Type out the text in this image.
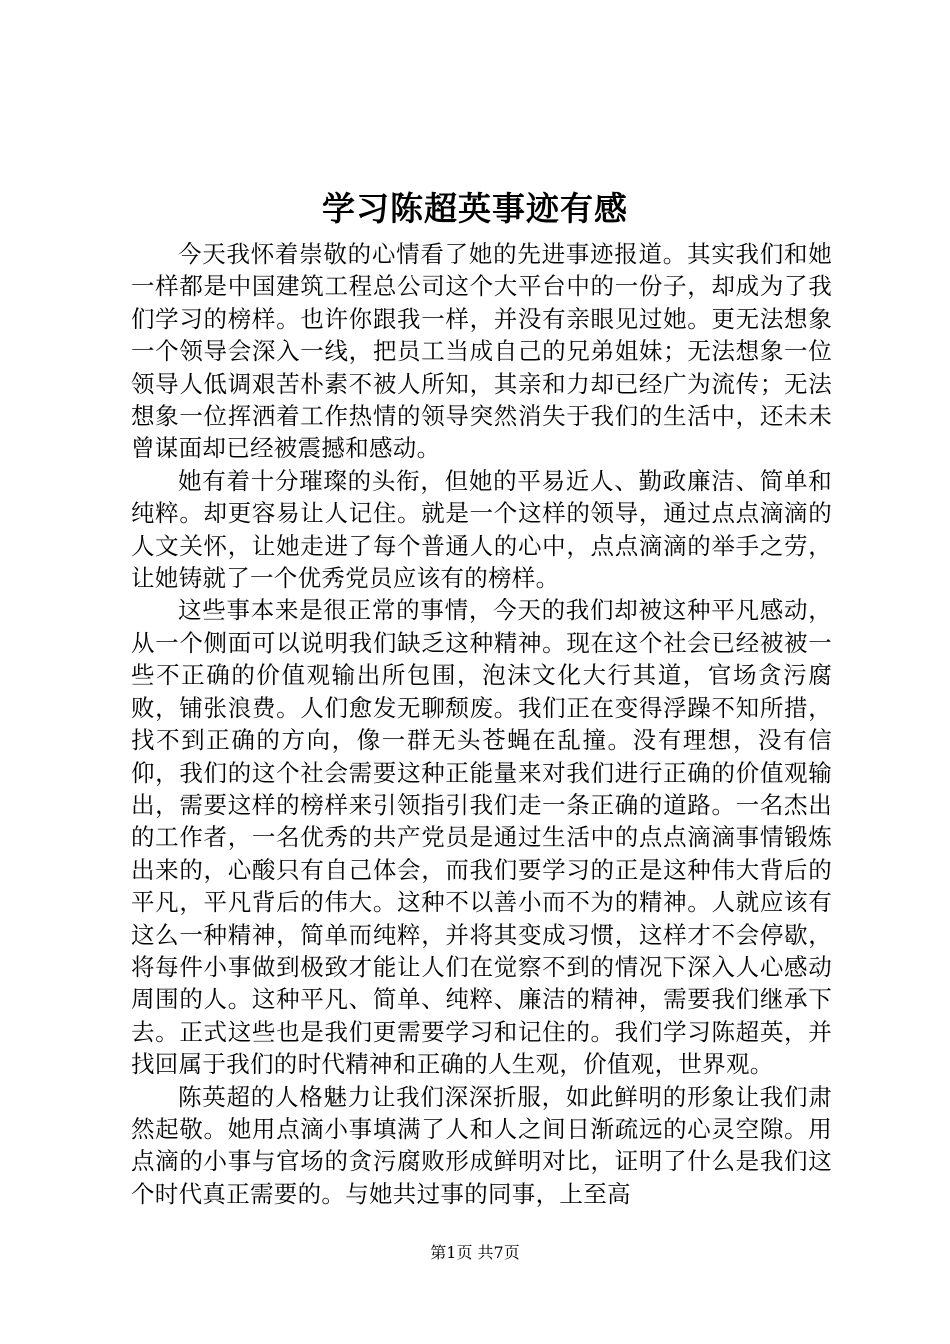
学习陈超英事迹有感

今天我怀着崇敬的心情看了她的先进事迹报道。其实我们和她一样都是中国建筑工程总公司这个大平台中的一份子，却成为了我们学习的榜样。也许你跟我一样，并没有亲眼见过她。更无法想象一个领导会深入一线，把员工当成自己的兄弟姐妹；无法想象一位领导人低调艰苦朴素不被人所知，其亲和力却已经广为流传；无法想象一位挥洒着工作热情的领导突然消失于我们的生活中，还未未曾谋面却已经被震撼和感动。

她有着十分璀璨的头衔，但她的平易近人、勤政廉洁、简单和纯粹。却更容易让人记住。就是一个这样的领导，通过点点滴滴的人文关怀，让她走进了每个普通人的心中，点点滴滴的举手之劳，让她铸就了一个优秀党员应该有的榜样。

这些事本来是很正常的事情，今天的我们却被这种平凡感动，从一个侧面可以说明我们缺乏这种精神。现在这个社会已经被被一些不正确的价值观输出所包围，泡沫文化大行其道，官场贪污腐败，铺张浪费。人们愈发无聊颓废。我们正在变得浮躁不知所措，找不到正确的方向，像一群无头苍蝇在乱撞。没有理想，没有信仰，我们的这个社会需要这种正能量来对我们进行正确的价值观输出，需要这样的榜样来引领指引我们走一条正确的道路。一名杰出的工作者，一名优秀的共产党员是通过生活中的点点滴滴事情锻炼出来的，心酸只有自己体会，而我们要学习的正是这种伟大背后的平凡，平凡背后的伟大。这种不以善小而不为的精神。人就应该有这么一种精神，简单而纯粹，并将其变成习惯，这样才不会停歇，将每件小事做到极致才能让人们在觉察不到的情况下深入人心感动周围的人。这种平凡、简单、纯粹、廉洁的精神，需要我们继承下去。正式这些也是我们更需要学习和记住的。我们学习陈超英，并找回属于我们的时代精神和正确的人生观，价值观，世界观。

陈英超的人格魅力让我们深深折服，如此鲜明的形象让我们肃然起敬。她用点滴小事填满了人和人之间日渐疏远的心灵空隙。用点滴的小事与官场的贪污腐败形成鲜明对比，证明了什么是我们这个时代真正需要的。与她共过事的同事，上至高

第1页 共7页
